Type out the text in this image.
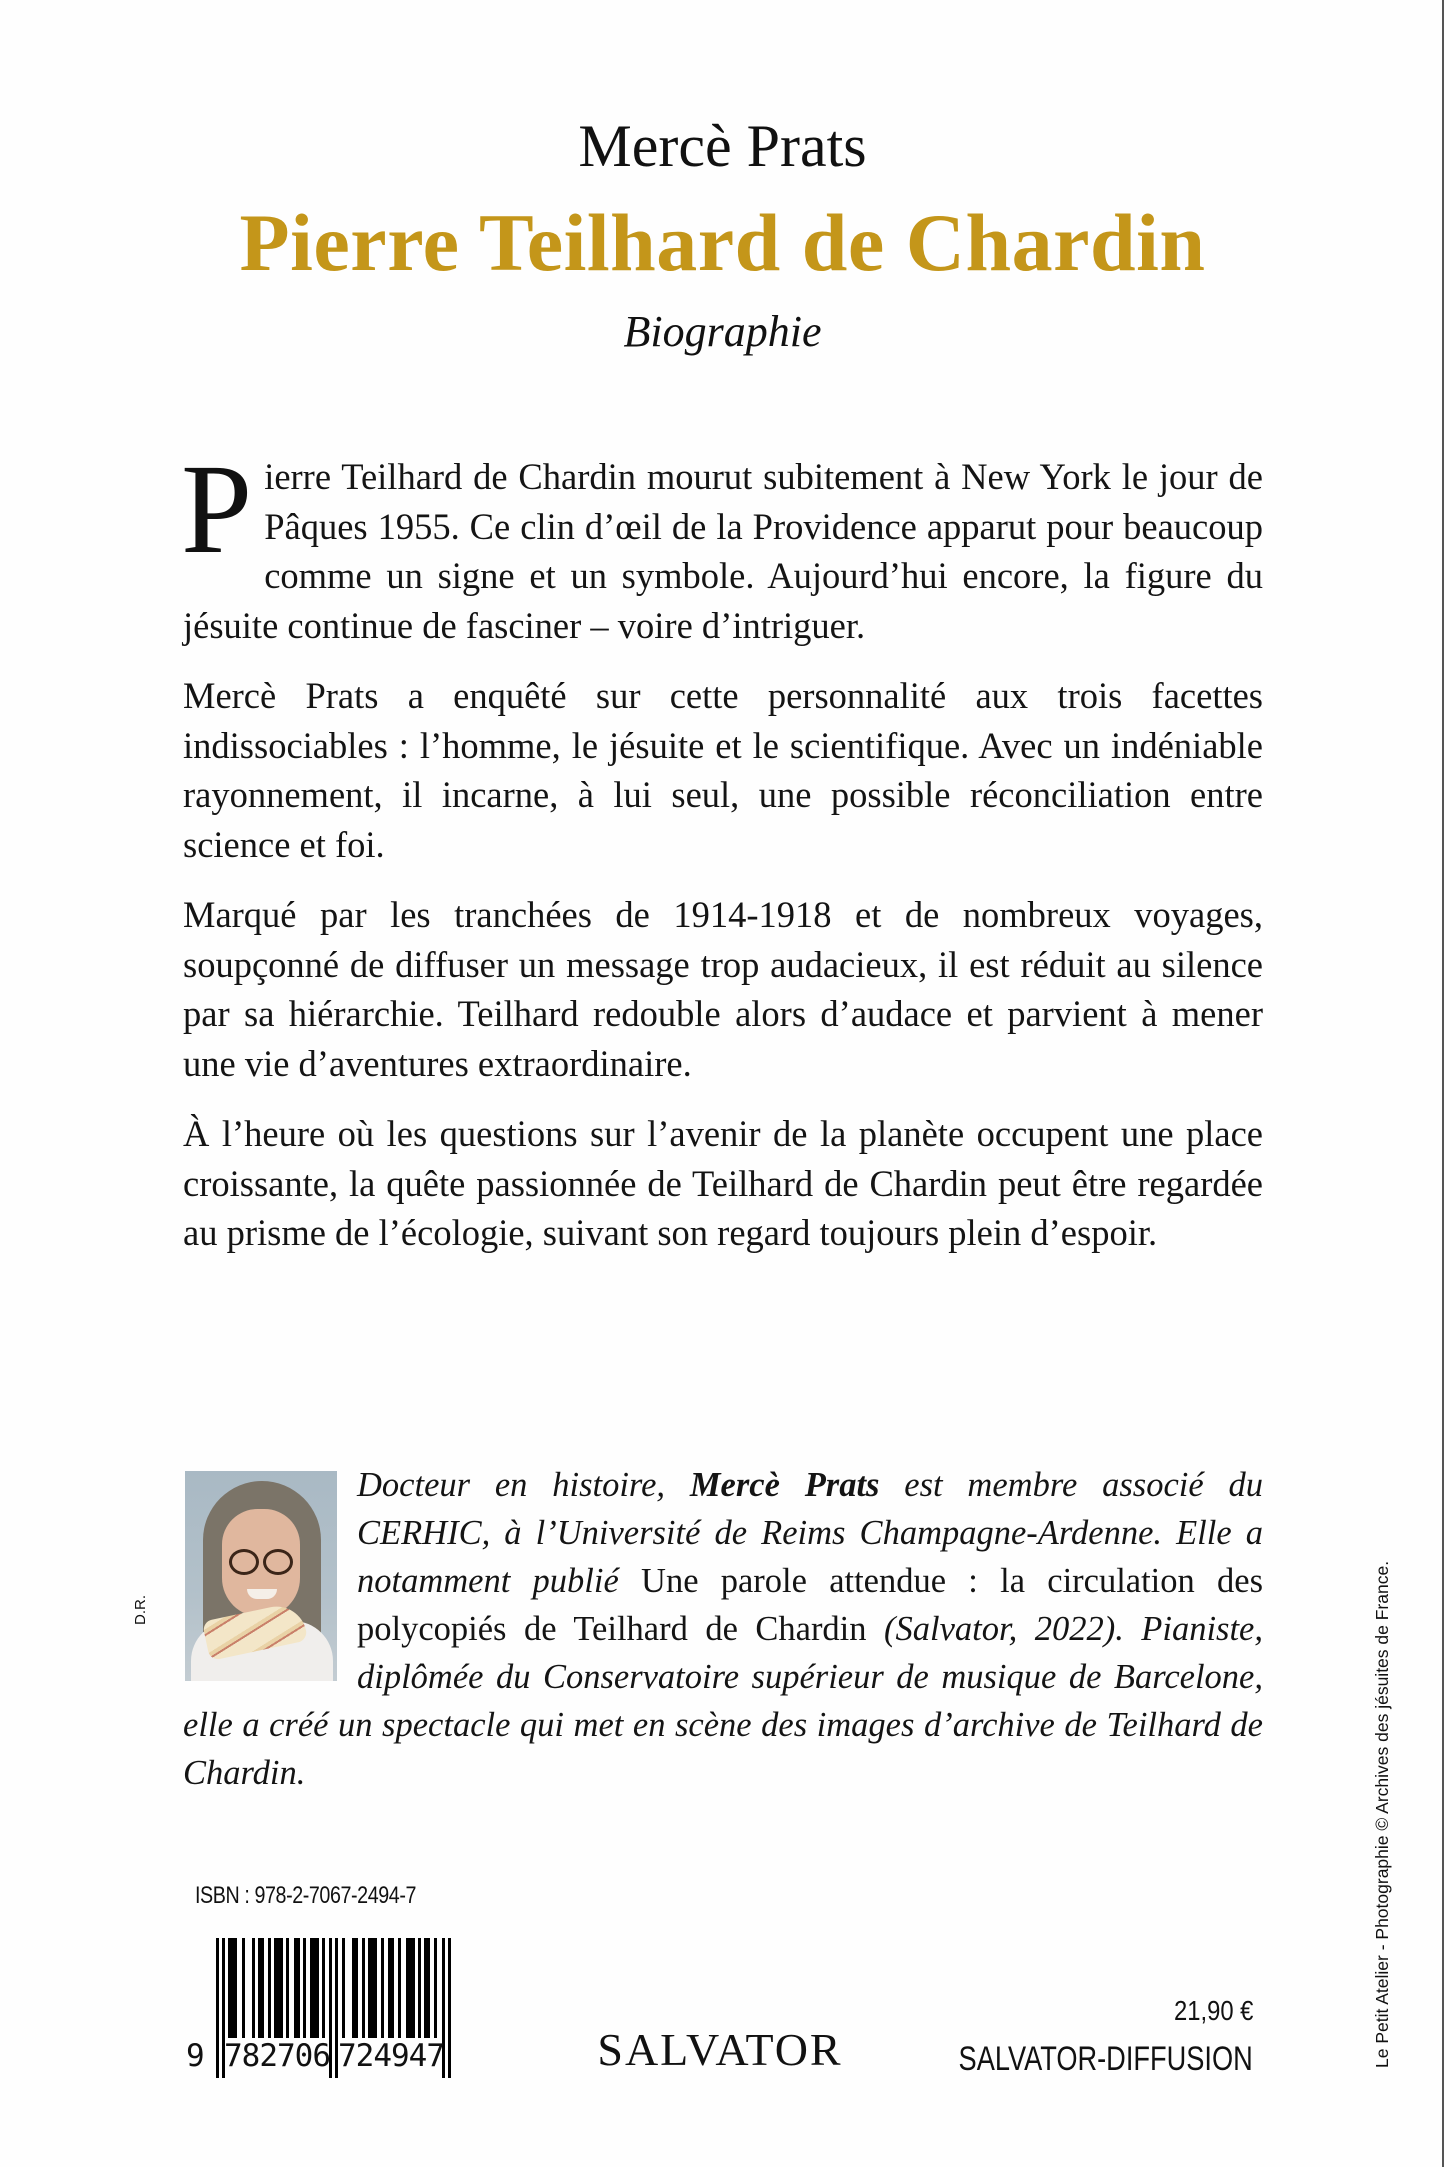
Mercè Prats
Pierre Teilhard de Chardin
Biographie

Pierre Teilhard de Chardin mourut subitement à New York le jour de Pâques 1955. Ce clin d’œil de la Providence apparut pour beaucoup comme un signe et un symbole. Aujourd’hui encore, la figure du jésuite continue de fasciner – voire d’intriguer.

Mercè Prats a enquêté sur cette personnalité aux trois facettes indissociables : l’homme, le jésuite et le scientifique. Avec un indéniable rayonnement, il incarne, à lui seul, une possible réconciliation entre science et foi.

Marqué par les tranchées de 1914-1918 et de nombreux voyages, soupçonné de diffuser un message trop audacieux, il est réduit au silence par sa hiérarchie. Teilhard redouble alors d’audace et parvient à mener une vie d’aventures extraordinaire.

À l’heure où les questions sur l’avenir de la planète occupent une place croissante, la quête passionnée de Teilhard de Chardin peut être regardée au prisme de l’écologie, suivant son regard toujours plein d’espoir.

D.R.

Docteur en histoire, Mercè Prats est membre associé du CERHIC, à l’Université de Reims Champagne-Ardenne. Elle a notamment publié Une parole attendue : la circulation des polycopiés de Teilhard de Chardin (Salvator, 2022). Pianiste, diplômée du Conservatoire supérieur de musique de Barcelone, elle a créé un spectacle qui met en scène des images d’archive de Teilhard de Chardin.

ISBN : 978-2-7067-2494-7
9 782706 724947	SALVATOR
21,90 €
SALVATOR-DIFFUSION	Le Petit Atelier - Photographie © Archives des jésuites de France.
